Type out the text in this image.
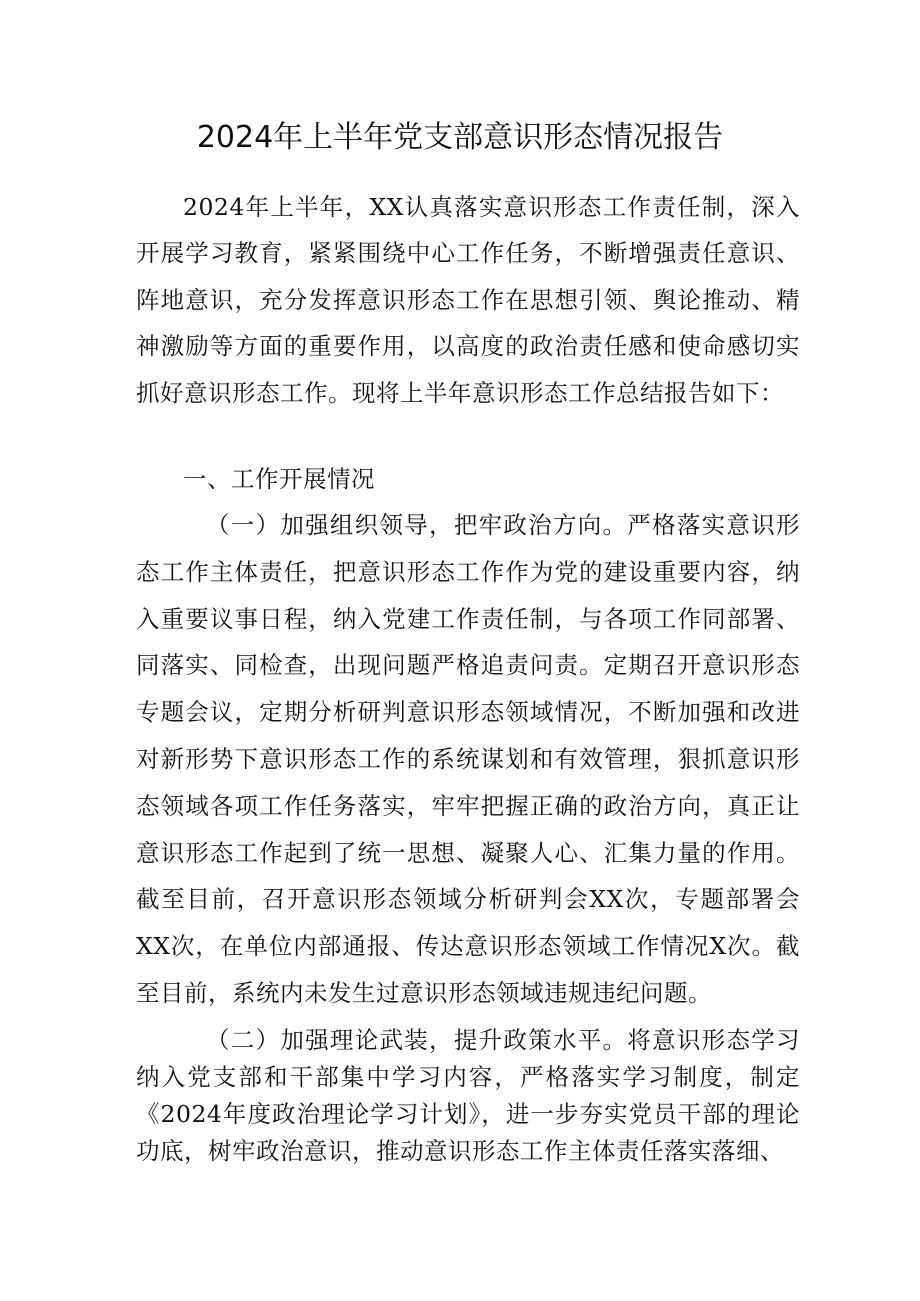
2024年上半年党支部意识形态情况报告
2024年上半年，XX认真落实意识形态工作责任制，深入开展学习教育，紧紧围绕中心工作任务，不断增强责任意识、阵地意识，充分发挥意识形态工作在思想引领、舆论推动、精神激励等方面的重要作用，以高度的政治责任感和使命感切实抓好意识形态工作。现将上半年意识形态工作总结报告如下：
一、工作开展情况
（一）加强组织领导，把牢政治方向。严格落实意识形态工作主体责任，把意识形态工作作为党的建设重要内容，纳入重要议事日程，纳入党建工作责任制，与各项工作同部署、同落实、同检查，出现问题严格追责问责。定期召开意识形态专题会议，定期分析研判意识形态领域情况，不断加强和改进对新形势下意识形态工作的系统谋划和有效管理，狠抓意识形态领域各项工作任务落实，牢牢把握正确的政治方向，真正让意识形态工作起到了统一思想、凝聚人心、汇集力量的作用。截至目前，召开意识形态领域分析研判会XX次，专题部署会XX次，在单位内部通报、传达意识形态领域工作情况X次。截至目前，系统内未发生过意识形态领域违规违纪问题。
（二）加强理论武装，提升政策水平。将意识形态学习纳入党支部和干部集中学习内容，严格落实学习制度，制定《2024年度政治理论学习计划》，进一步夯实党员干部的理论功底，树牢政治意识，推动意识形态工作主体责任落实落细、
